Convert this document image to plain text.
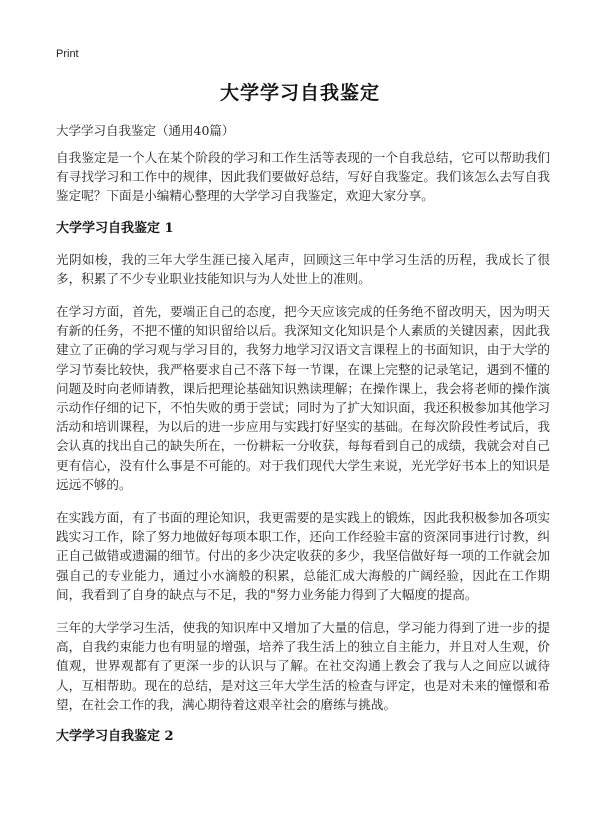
Print
大学学习自我鉴定
大学学习自我鉴定（通用40篇）

自我鉴定是一个人在某个阶段的学习和工作生活等表现的一个自我总结，它可以帮助我们有寻找学习和工作中的规律，因此我们要做好总结，写好自我鉴定。我们该怎么去写自我鉴定呢？下面是小编精心整理的大学学习自我鉴定，欢迎大家分享。

大学学习自我鉴定 1

光阴如梭，我的三年大学生涯已接入尾声，回顾这三年中学习生活的历程，我成长了很多，积累了不少专业职业技能知识与为人处世上的准则。

在学习方面，首先，要端正自己的态度，把今天应该完成的任务绝不留改明天，因为明天有新的任务，不把不懂的知识留给以后。我深知文化知识是个人素质的关键因素，因此我建立了正确的学习观与学习目的，我努力地学习汉语文言课程上的书面知识，由于大学的学习节奏比较快，我严格要求自己不落下每一节课，在课上完整的记录笔记，遇到不懂的问题及时向老师请教，课后把理论基础知识熟读理解；在操作课上，我会将老师的操作演示动作仔细的记下，不怕失败的勇于尝试；同时为了扩大知识面，我还积极参加其他学习活动和培训课程，为以后的进一步应用与实践打好坚实的基础。在每次阶段性考试后，我会认真的找出自己的缺失所在，一份耕耘一分收获，每每看到自己的成绩，我就会对自己更有信心，没有什么事是不可能的。对于我们现代大学生来说，光光学好书本上的知识是远远不够的。

在实践方面，有了书面的理论知识，我更需要的是实践上的锻炼，因此我积极参加各项实践实习工作，除了努力地做好每项本职工作，还向工作经验丰富的资深同事进行讨教，纠正自己做错或遗漏的细节。付出的多少决定收获的多少，我坚信做好每一项的工作就会加强自己的专业能力，通过小水滴般的积累，总能汇成大海般的广阔经验，因此在工作期间，我看到了自身的缺点与不足，我的"努力业务能力得到了大幅度的提高。

三年的大学学习生活，使我的知识库中又增加了大量的信息，学习能力得到了进一步的提高，自我约束能力也有明显的增强，培养了我生活上的独立自主能力，并且对人生观，价值观，世界观都有了更深一步的认识与了解。在社交沟通上教会了我与人之间应以诚待人，互相帮助。现在的总结，是对这三年大学生活的检查与评定，也是对未来的憧憬和希望，在社会工作的我，满心期待着这艰辛社会的磨练与挑战。

大学学习自我鉴定 2
